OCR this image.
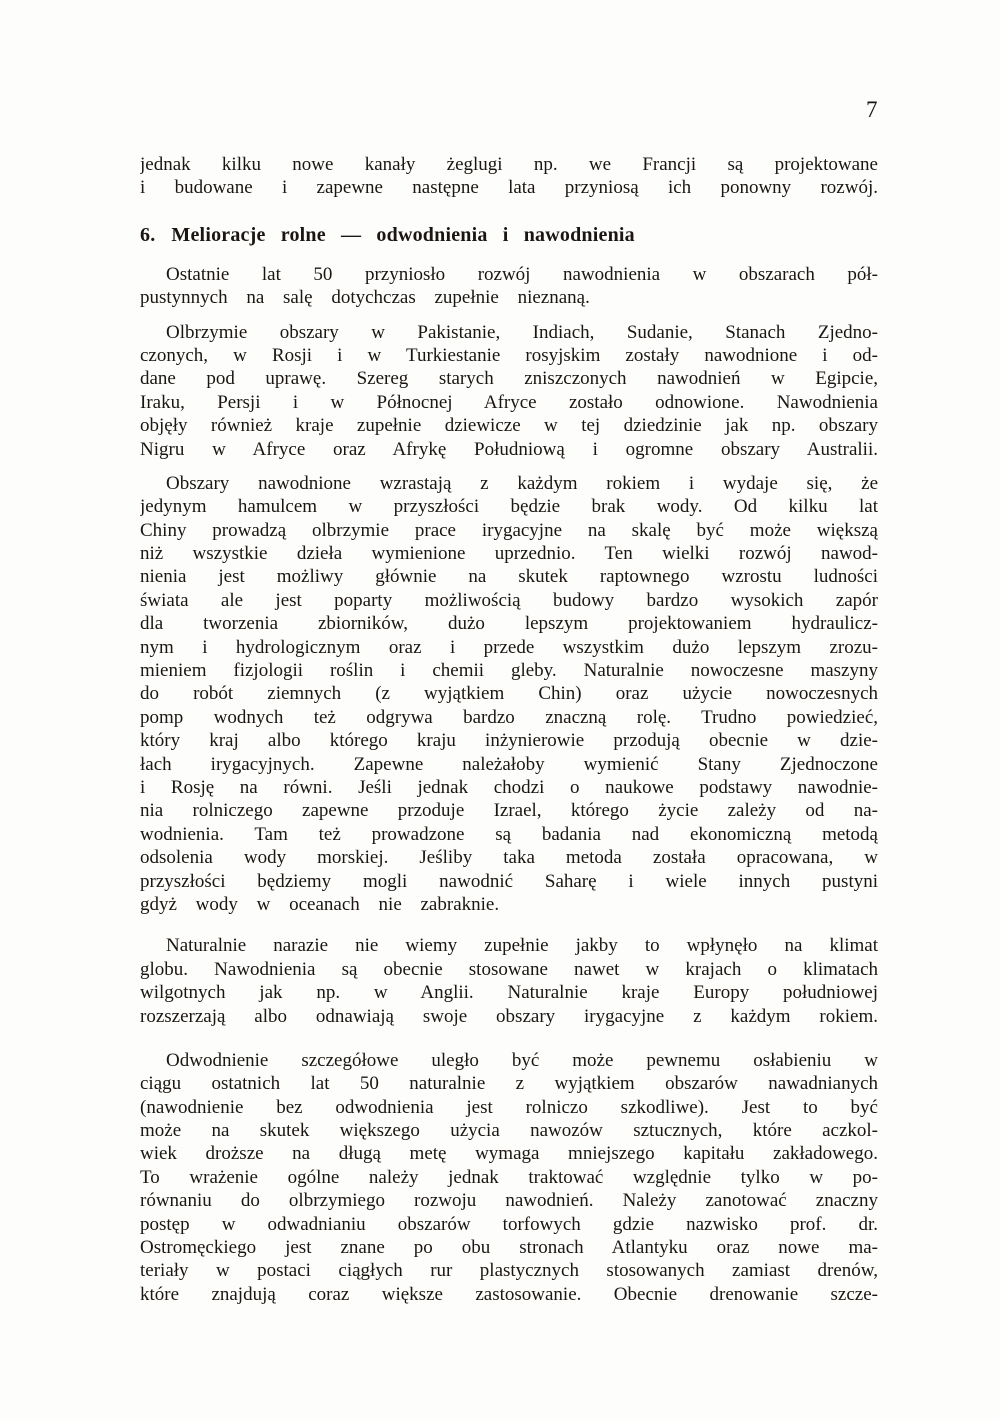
7
jednak kilku nowe kanały żeglugi np. we Francji są projektowane
i budowane i zapewne następne lata przyniosą ich ponowny rozwój.
6. Melioracje rolne — odwodnienia i nawodnienia
Ostatnie lat 50 przyniosło rozwój nawodnienia w obszarach pół-
pustynnych na salę dotychczas zupełnie nieznaną.
Olbrzymie obszary w Pakistanie, Indiach, Sudanie, Stanach Zjedno-
czonych, w Rosji i w Turkiestanie rosyjskim zostały nawodnione i od-
dane pod uprawę. Szereg starych zniszczonych nawodnień w Egipcie,
Iraku, Persji i w Północnej Afryce zostało odnowione. Nawodnienia
objęły również kraje zupełnie dziewicze w tej dziedzinie jak np. obszary
Nigru w Afryce oraz Afrykę Południową i ogromne obszary Australii.
Obszary nawodnione wzrastają z każdym rokiem i wydaje się, że
jedynym hamulcem w przyszłości będzie brak wody. Od kilku lat
Chiny prowadzą olbrzymie prace irygacyjne na skalę być może większą
niż wszystkie dzieła wymienione uprzednio. Ten wielki rozwój nawod-
nienia jest możliwy głównie na skutek raptownego wzrostu ludności
świata ale jest poparty możliwością budowy bardzo wysokich zapór
dla tworzenia zbiorników, dużo lepszym projektowaniem hydraulicz-
nym i hydrologicznym oraz i przede wszystkim dużo lepszym zrozu-
mieniem fizjologii roślin i chemii gleby. Naturalnie nowoczesne maszyny
do robót ziemnych (z wyjątkiem Chin) oraz użycie nowoczesnych
pomp wodnych też odgrywa bardzo znaczną rolę. Trudno powiedzieć,
który kraj albo którego kraju inżynierowie przodują obecnie w dzie-
łach irygacyjnych. Zapewne należałoby wymienić Stany Zjednoczone
i Rosję na równi. Jeśli jednak chodzi o naukowe podstawy nawodnie-
nia rolniczego zapewne przoduje Izrael, którego życie zależy od na-
wodnienia. Tam też prowadzone są badania nad ekonomiczną metodą
odsolenia wody morskiej. Jeśliby taka metoda została opracowana, w
przyszłości będziemy mogli nawodnić Saharę i wiele innych pustyni
gdyż wody w oceanach nie zabraknie.
Naturalnie narazie nie wiemy zupełnie jakby to wpłynęło na klimat
globu. Nawodnienia są obecnie stosowane nawet w krajach o klimatach
wilgotnych jak np. w Anglii. Naturalnie kraje Europy południowej
rozszerzają albo odnawiają swoje obszary irygacyjne z każdym rokiem.
Odwodnienie szczegółowe uległo być może pewnemu osłabieniu w
ciągu ostatnich lat 50 naturalnie z wyjątkiem obszarów nawadnianych
(nawodnienie bez odwodnienia jest rolniczo szkodliwe). Jest to być
może na skutek większego użycia nawozów sztucznych, które aczkol-
wiek droższe na długą metę wymaga mniejszego kapitału zakładowego.
To wrażenie ogólne należy jednak traktować względnie tylko w po-
równaniu do olbrzymiego rozwoju nawodnień. Należy zanotować znaczny
postęp w odwadnianiu obszarów torfowych gdzie nazwisko prof. dr.
Ostromęckiego jest znane po obu stronach Atlantyku oraz nowe ma-
teriały w postaci ciągłych rur plastycznych stosowanych zamiast drenów,
które znajdują coraz większe zastosowanie. Obecnie drenowanie szcze-
